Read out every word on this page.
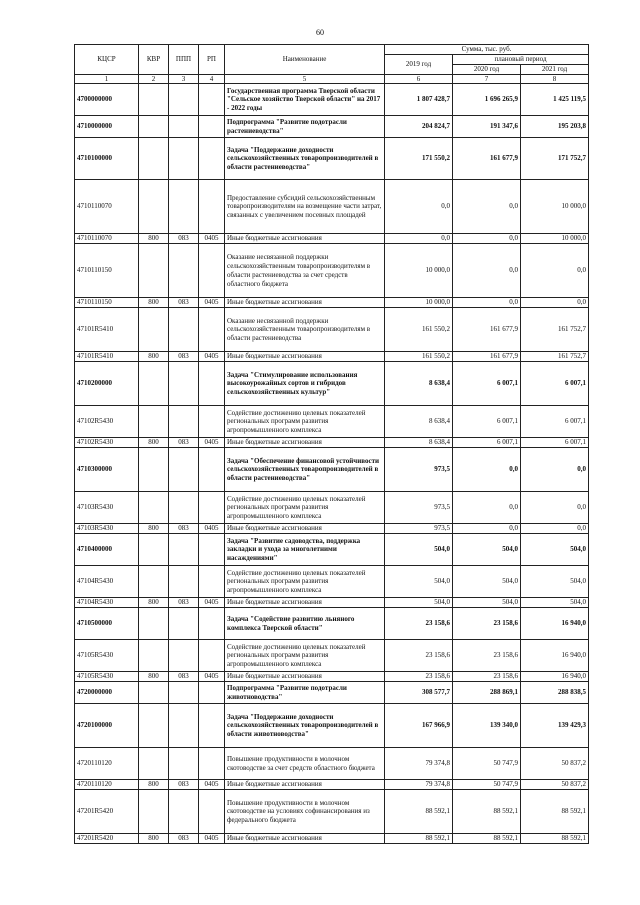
60
КЦСР	КВР	ППП	РП	Наименование	Сумма, тыс. руб.		
					2019 год	плановый период	
						2020 год	2021 год
1	2	3	4	5	6	7	8
4700000000				Государственная программа Тверской области "Сельское хозяйство Тверской области" на 2017 - 2022 годы	1 807 428,7	1 696 265,9	1 425 119,5
4710000000				Подпрограмма "Развитие подотрасли растениеводства"	204 824,7	191 347,6	195 203,8
4710100000				Задача "Поддержание доходности сельскохозяйственных товаропроизводителей в области растениеводства"	171 550,2	161 677,9	171 752,7
4710110070				Предоставление субсидий сельскохозяйственным товаропроизводителям на возмещение части затрат, связанных с увеличением посевных площадей	0,0	0,0	10 000,0
4710110070	800	083	0405	Иные бюджетные ассигнования	0,0	0,0	10 000,0
4710110150				Оказание несвязанной поддержки сельскохозяйственным товаропроизводителям в области растениеводства за счет средств областного бюджета	10 000,0	0,0	0,0
4710110150	800	083	0405	Иные бюджетные ассигнования	10 000,0	0,0	0,0
47101R5410				Оказание несвязанной поддержки сельскохозяйственным товаропроизводителям в области растениеводства	161 550,2	161 677,9	161 752,7
47101R5410	800	083	0405	Иные бюджетные ассигнования	161 550,2	161 677,9	161 752,7
4710200000				Задача "Стимулирование использования высокоурожайных сортов и гибридов сельскохозяйственных культур"	8 638,4	6 007,1	6 007,1
47102R5430				Содействие достижению целевых показателей региональных программ развития агропромышленного комплекса	8 638,4	6 007,1	6 007,1
47102R5430	800	083	0405	Иные бюджетные ассигнования	8 638,4	6 007,1	6 007,1
4710300000				Задача "Обеспечение финансовой устойчивости сельскохозяйственных товаропроизводителей в области растениеводства"	973,5	0,0	0,0
47103R5430				Содействие достижению целевых показателей региональных программ развития агропромышленного комплекса	973,5	0,0	0,0
47103R5430	800	083	0405	Иные бюджетные ассигнования	973,5	0,0	0,0
4710400000				Задача "Развитие садоводства, поддержка закладки и ухода за многолетними насаждениями"	504,0	504,0	504,0
47104R5430				Содействие достижению целевых показателей региональных программ развития агропромышленного комплекса	504,0	504,0	504,0
47104R5430	800	083	0405	Иные бюджетные ассигнования	504,0	504,0	504,0
4710500000				Задача "Содействие развитию льняного комплекса Тверской области"	23 158,6	23 158,6	16 940,0
47105R5430				Содействие достижению целевых показателей региональных программ развития агропромышленного комплекса	23 158,6	23 158,6	16 940,0
47105R5430	800	083	0405	Иные бюджетные ассигнования	23 158,6	23 158,6	16 940,0
4720000000				Подпрограмма "Развитие подотрасли животноводства"	308 577,7	288 869,1	288 838,5
4720100000				Задача "Поддержание доходности сельскохозяйственных товаропроизводителей в области животноводства"	167 966,9	139 340,0	139 429,3
4720110120				Повышение продуктивности в молочном скотоводстве за счет средств областного бюджета	79 374,8	50 747,9	50 837,2
4720110120	800	083	0405	Иные бюджетные ассигнования	79 374,8	50 747,9	50 837,2
47201R5420				Повышение продуктивности в молочном скотоводстве на условиях софинансирования из федерального бюджета	88 592,1	88 592,1	88 592,1
47201R5420	800	083	0405	Иные бюджетные ассигнования	88 592,1	88 592,1	88 592,1
